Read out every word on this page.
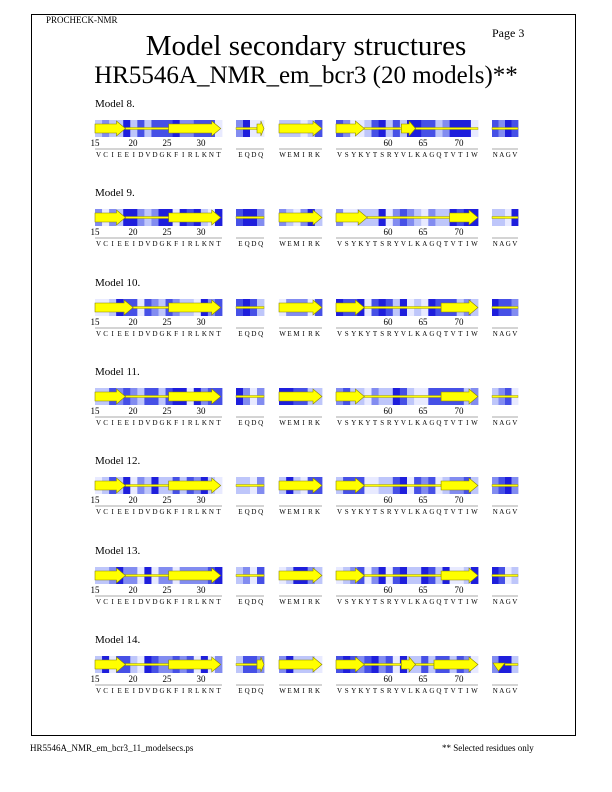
PROCHECK-NMR
Page 3
Model secondary structures
HR5546A_NMR_em_bcr3 (20 models)**
Model 8.
V C I E E I D V D G K F I R L K N T	E Q D Q W E M I R K V S Y K Y T S R Y V L K A G Q T V T I W N A G V
15	20	25	30	60	65	70
Model 9.
V C I E E I D V D G K F I R L K N T	E Q D Q W E M I R K V S Y K Y T S R Y V L K A G Q T V T I W N A G V
15	20	25	30	60	65	70
Model 10.
V C I E E I D V D G K F I R L K N T	E Q D Q W E M I R K V S Y K Y T S R Y V L K A G Q T V T I W N A G V
15	20	25	30	60	65	70
Model 11.
V C I E E I D V D G K F I R L K N T	E Q D Q W E M I R K V S Y K Y T S R Y V L K A G Q T V T I W N A G V
15	20	25	30	60	65	70
Model 12.
V C I E E I D V D G K F I R L K N T	E Q D Q W E M I R K V S Y K Y T S R Y V L K A G Q T V T I W N A G V
15	20	25	30	60	65	70
Model 13.
V C I E E I D V D G K F I R L K N T	E Q D Q W E M I R K V S Y K Y T S R Y V L K A G Q T V T I W N A G V
15	20	25	30	60	65	70
Model 14.
V C I E E I D V D G K F I R L K N T	E Q D Q W E M I R K V S Y K Y T S R Y V L K A G Q T V T I W N A G V
15	20	25	30	60	65	70
HR5546A_NMR_em_bcr3_11_modelsecs.ps	** Selected residues only
